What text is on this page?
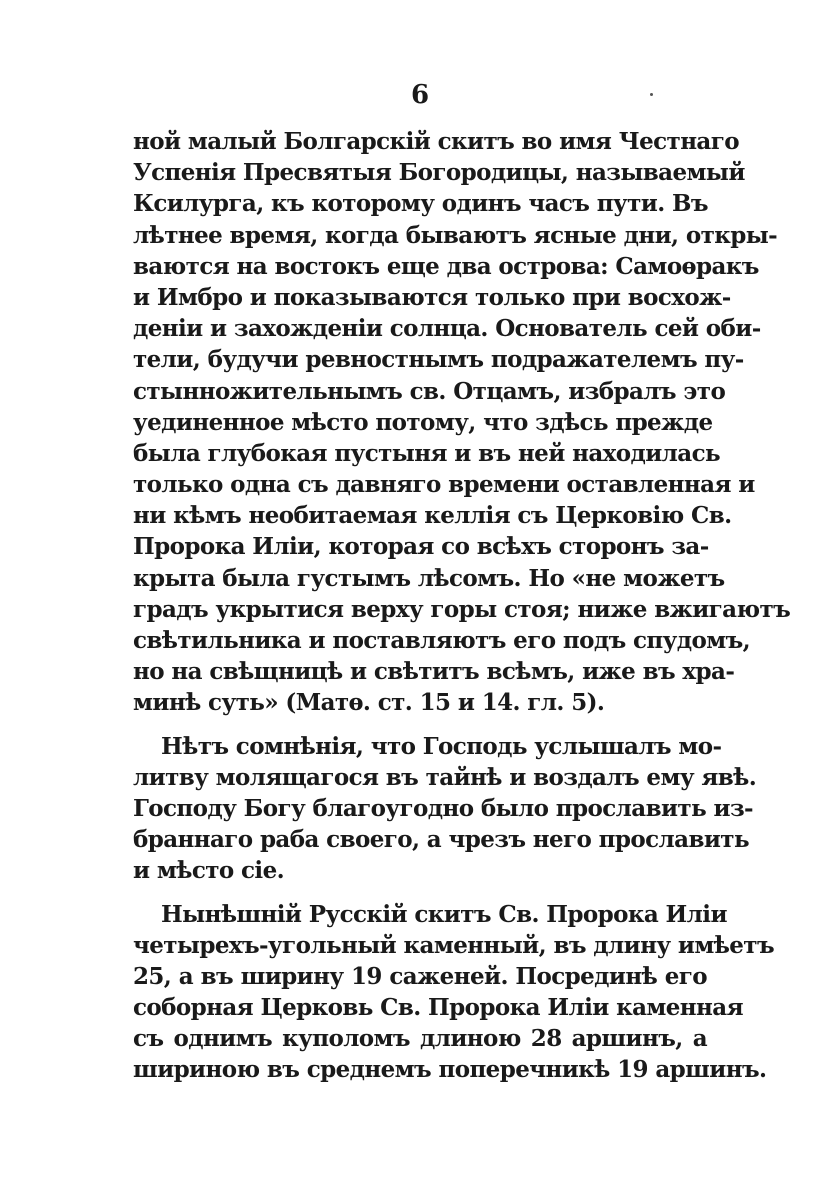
6
ной малый Болгарскій скитъ во имя Честнаго
Успенія Пресвятыя Богородицы, называемый
Ксилурга, къ которому одинъ часъ пути. Въ
лѣтнее время, когда бываютъ ясные дни, откры-
ваются на востокъ еще два острова: Самоѳракъ
и Имбро и показываются только при восхож-
деніи и захожденіи солнца. Основатель сей оби-
тели, будучи ревностнымъ подражателемъ пу-
стынножительнымъ св. Отцамъ, избралъ это
уединенное мѣсто потому, что здѣсь прежде
была глубокая пустыня и въ ней находилась
только одна съ давняго времени оставленная и
ни кѣмъ необитаемая келлія съ Церковію Св.
Пророка Иліи, которая со всѣхъ сторонъ за-
крыта была густымъ лѣсомъ. Но «не можетъ
градъ укрытися верху горы стоя; ниже вжигаютъ
свѣтильника и поставляютъ его подъ спудомъ,
но на свѣщницѣ и свѣтитъ всѣмъ, иже въ хра-
минѣ суть» (Матѳ. ст. 15 и 14. гл. 5).
Нѣтъ сомнѣнія, что Господь услышалъ мо-
литву молящагося въ тайнѣ и воздалъ ему явѣ.
Господу Богу благоугодно было прославить из-
браннаго раба своего, а чрезъ него прославить
и мѣсто сіе.
Нынѣшній Русскій скитъ Св. Пророка Иліи
четырехъ-угольный каменный, въ длину имѣетъ
25, а въ ширину 19 саженей. Посрединѣ его
соборная Церковь Св. Пророка Иліи каменная
съ однимъ куполомъ длиною 28 аршинъ, а
шириною въ среднемъ поперечникѣ 19 аршинъ.
